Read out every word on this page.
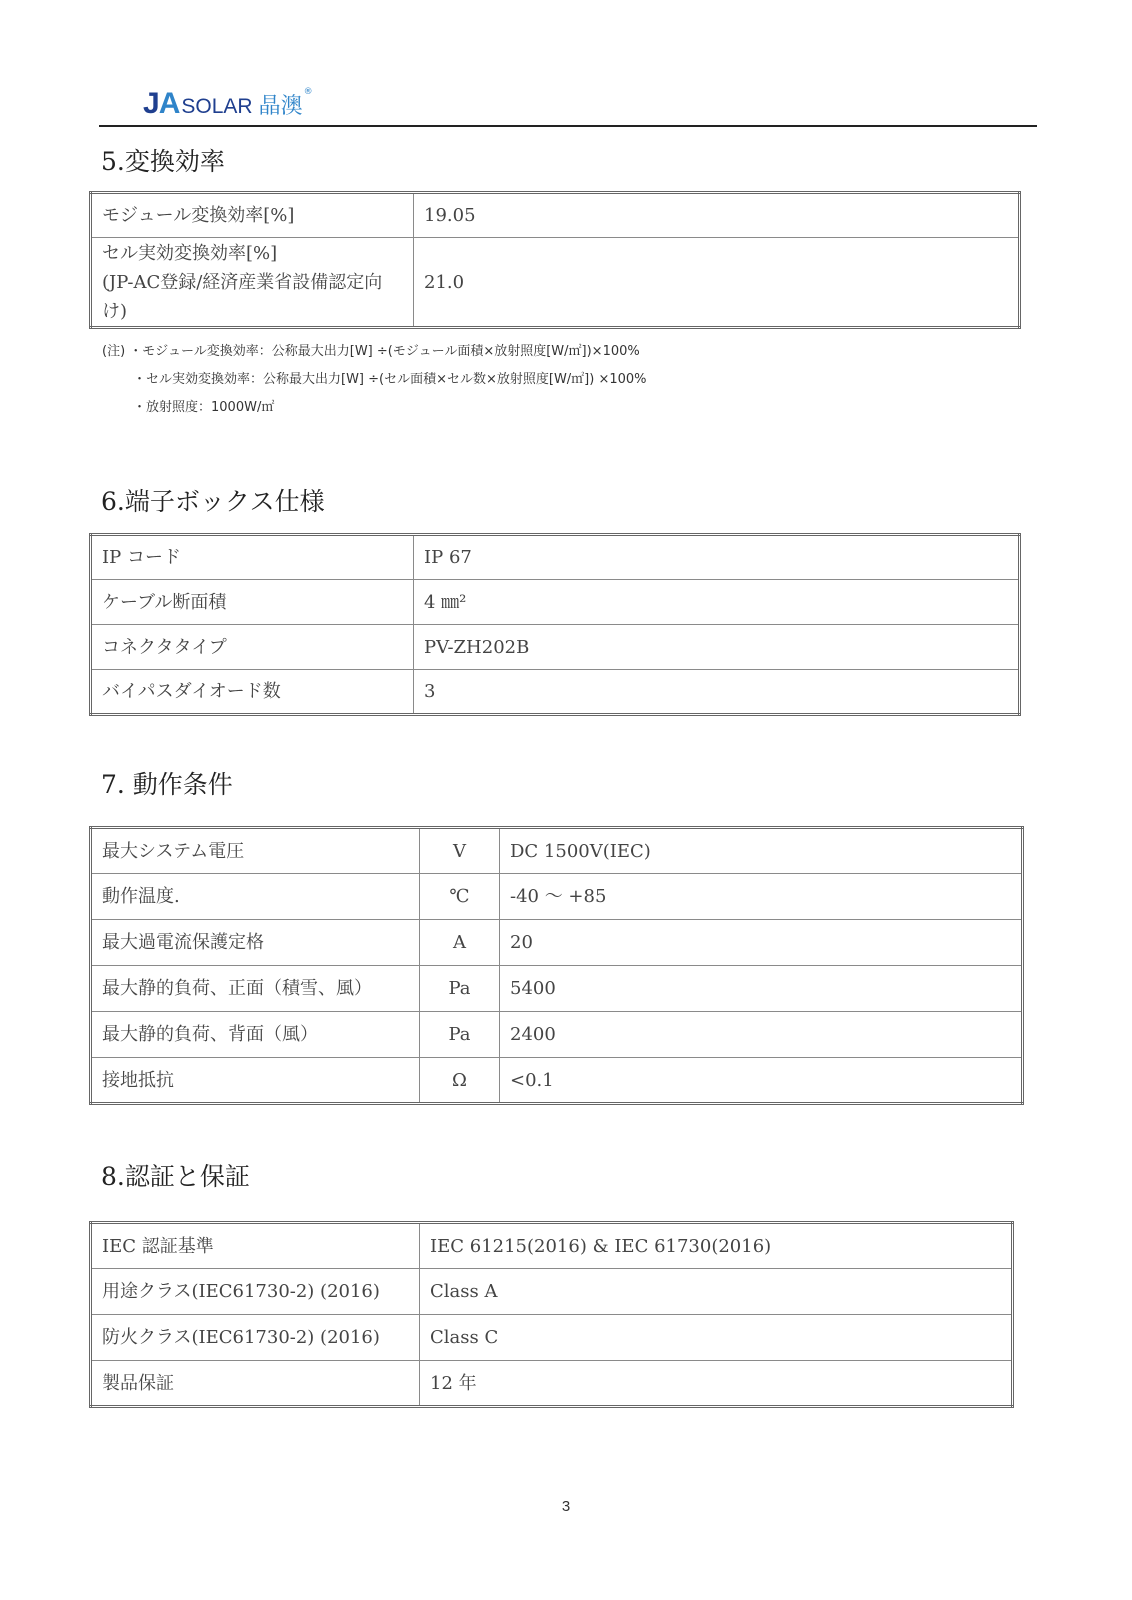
JA SOLAR 晶澳
®
5.変換効率
モジュール変換効率[%]	19.05
セル実効変換効率[%]
(JP-AC登録/経済産業省設備認定向け)	21.0
(注) ・モジュール変換効率：公称最大出力[W] ÷(モジュール面積×放射照度[W/㎡])×100%
・セル実効変換効率：公称最大出力[W] ÷(セル面積×セル数×放射照度[W/㎡]) ×100%
・放射照度：1000W/㎡
6.端子ボックス仕様
IP コード	IP 67
ケーブル断面積	4 ㎜²
コネクタタイプ	PV-ZH202B
バイパスダイオード数	3
7. 動作条件
最大システム電圧	V	DC 1500V(IEC)
動作温度.	℃	-40 ～ +85
最大過電流保護定格	A	20
最大静的負荷、正面（積雪、風）	Pa	5400
最大静的負荷、背面（風）	Pa	2400
接地抵抗	Ω	<0.1
8.認証と保証
IEC 認証基準	IEC 61215(2016) & IEC 61730(2016)
用途クラス(IEC61730-2) (2016)	Class A
防火クラス(IEC61730-2) (2016)	Class C
製品保証	12 年
3
